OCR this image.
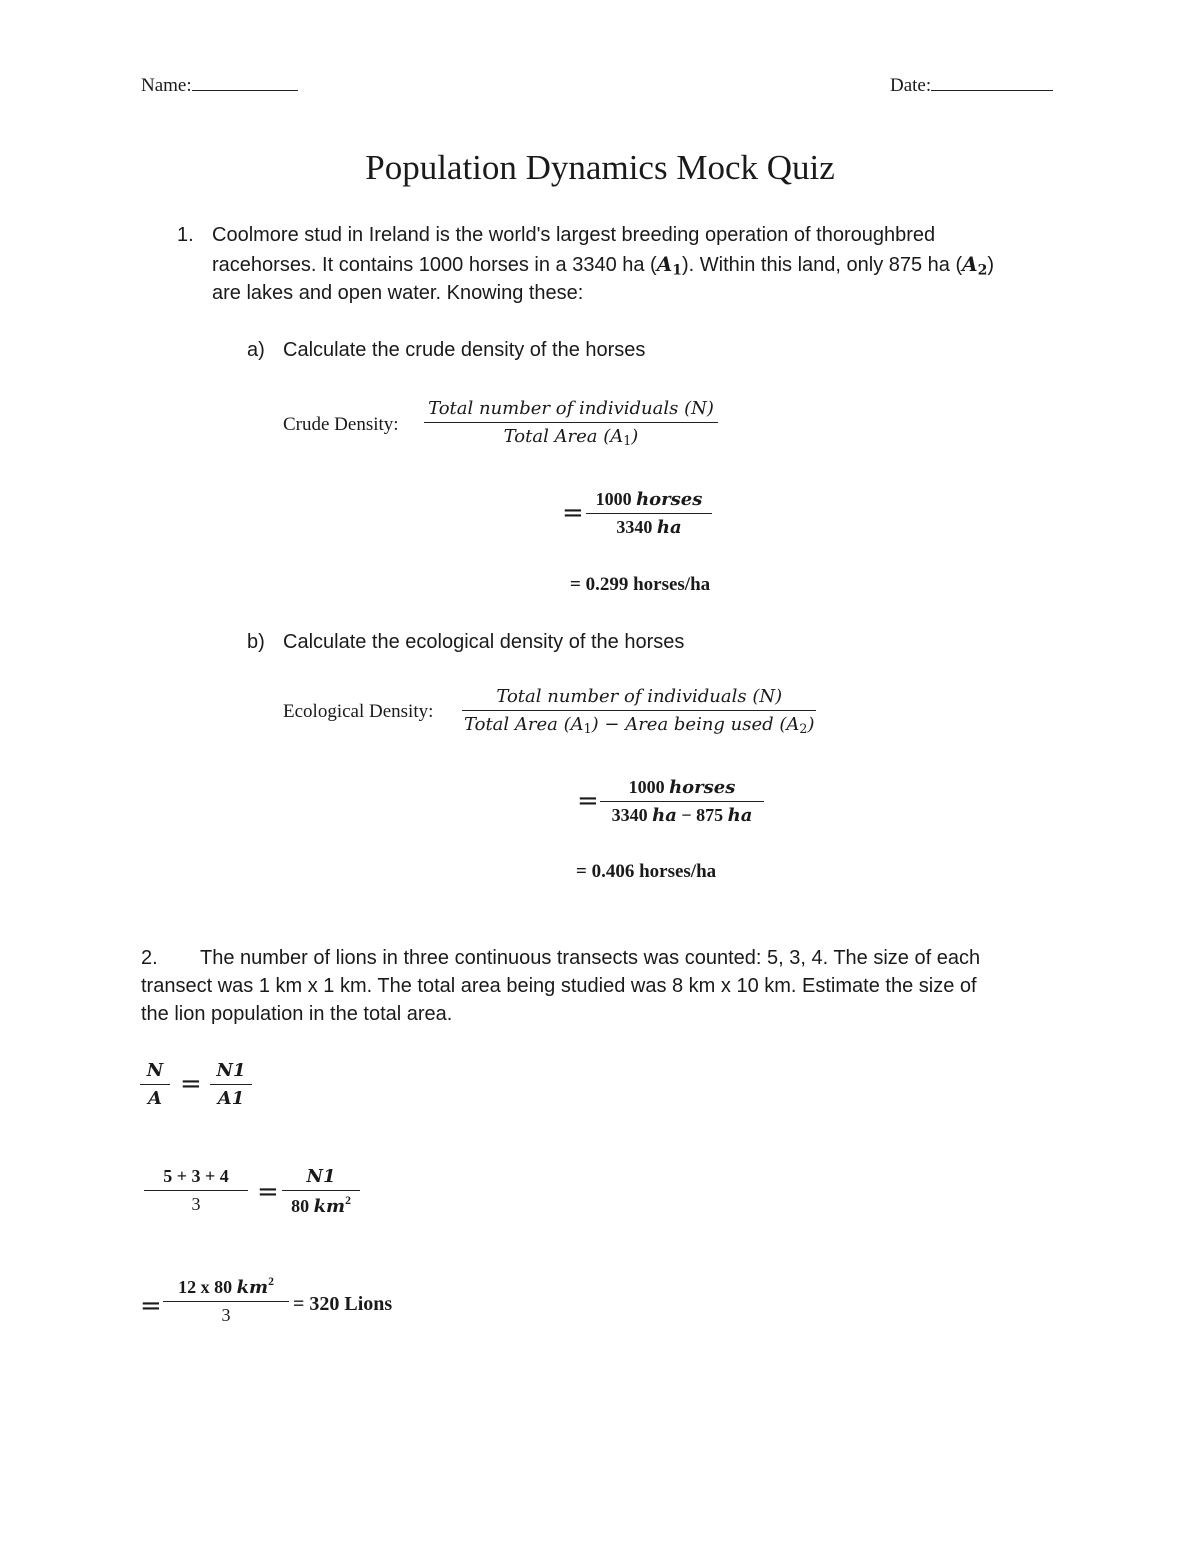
Name:	Date:
Population Dynamics Mock Quiz
1. Coolmore stud in Ireland is the world's largest breeding operation of thoroughbred
racehorses. It contains 1000 horses in a 3340 ha $(A_1)$. Within this land, only 875 ha $(A_2)$
are lakes and open water. Knowing these:
a) Calculate the crude density of the horses
Crude Density:
Total number of individuals (N)
Total Area $(A_1)$
= 1000 horses
3340 ha
= 0.299 horses/ha
b) Calculate the ecological density of the horses
Ecological Density:
Total number of individuals (N)
Total Area $(A_1)$ − Area being used $(A_2)$
=	1000 horses
3340 ha − 875 ha
= 0.406 horses/ha
2. The number of lions in three continuous transects was counted: 5, 3, 4. The size of each
transect was 1 km x 1 km. The total area being studied was 8 km x 10 km. Estimate the size of
the lion population in the total area.
$\frac{N}{A} = \frac{N1}{A1}$
$\frac{5 + 3 + 4}{3} = \frac{N1}{80 km^2}$
= $\frac{12 x 80 km^2}{3} = 320$ Lions
